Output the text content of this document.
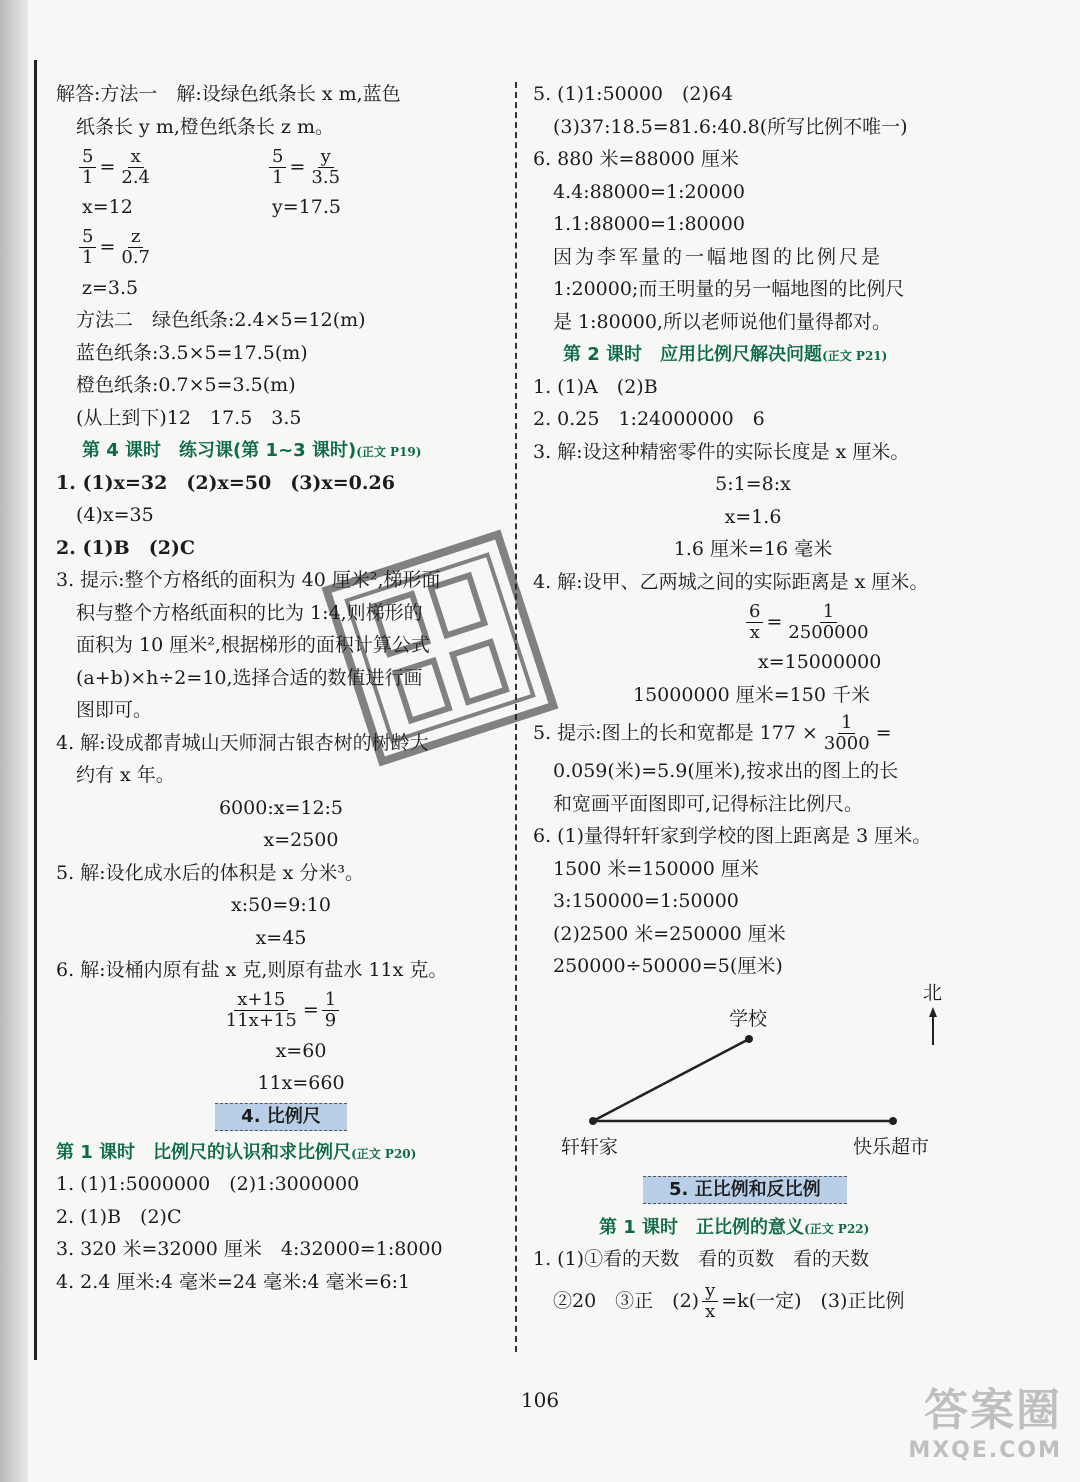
解答:方法一　解:设绿色纸条长 x m,蓝色
纸条长 y m,橙色纸条长 z m。
$\frac{5}{1} = \frac{x}{2.4}$	$\frac{5}{1} = \frac{y}{3.5}$
x=12	y=17.5
$\frac{5}{1} = \frac{z}{0.7}$
z=3.5
方法二　绿色纸条:2.4×5=12(m)
蓝色纸条:3.5×5=17.5(m)
橙色纸条:0.7×5=3.5(m)
(从上到下)12　17.5　3.5
第 4 课时　练习课(第 1~3 课时)(正文 P19)
1. (1)x=32　(2)x=50　(3)x=0.26
(4)x=35
2. (1)B　(2)C
3. 提示:整个方格纸的面积为 40 厘米²,梯形面
积与整个方格纸面积的比为 1:4,则梯形的
面积为 10 厘米²,根据梯形的面积计算公式
(a+b)×h÷2=10,选择合适的数值进行画
图即可。
4. 解:设成都青城山天师洞古银杏树的树龄大
约有 x 年。
6000:x=12:5
x=2500
5. 解:设化成水后的体积是 x 分米³。
x:50=9:10
x=45
6. 解:设桶内原有盐 x 克,则原有盐水 11x 克。
$\frac{x+15}{11x+15} = \frac{1}{9}$
x=60
11x=660
4. 比例尺
第 1 课时　比例尺的认识和求比例尺(正文 P20)
1. (1)1:5000000　(2)1:3000000
2. (1)B　(2)C
3. 320 米=32000 厘米　4:32000=1:8000
4. 2.4 厘米:4 毫米=24 毫米:4 毫米=6:1
5. (1)1:50000　(2)64
(3)37:18.5=81.6:40.8(所写比例不唯一)
6. 880 米=88000 厘米
4.4:88000=1:20000
1.1:88000=1:80000
因为李军量的一幅地图的比例尺是
1:20000;而王明量的另一幅地图的比例尺
是 1:80000,所以老师说他们量得都对。
第 2 课时　应用比例尺解决问题(正文 P21)
1. (1)A　(2)B
2. 0.25　1:24000000　6
3. 解:设这种精密零件的实际长度是 x 厘米。
5:1=8:x
x=1.6
1.6 厘米=16 毫米
4. 解:设甲、乙两城之间的实际距离是 x 厘米。
$\frac{6}{x} = \frac{1}{2500000}$
x=15000000
15000000 厘米=150 千米
5. 提示:图上的长和宽都是 $177 \times \frac{1}{3000}$ =
0.059(米)=5.9(厘米),按求出的图上的长
和宽画平面图即可,记得标注比例尺。
6. (1)量得轩轩家到学校的图上距离是 3 厘米。
1500 米=150000 厘米
3:150000=1:50000
(2)2500 米=250000 厘米
250000÷50000=5(厘米)
北
学校
轩轩家	快乐超市
5. 正比例和反比例
第 1 课时　正比例的意义(正文 P22)
1. (1)①看的天数　看的页数　看的天数
②20　③正　$(2) \frac{y}{x} =k$(一定)　(3)正比例
106	答案圈
MXQE.COM
